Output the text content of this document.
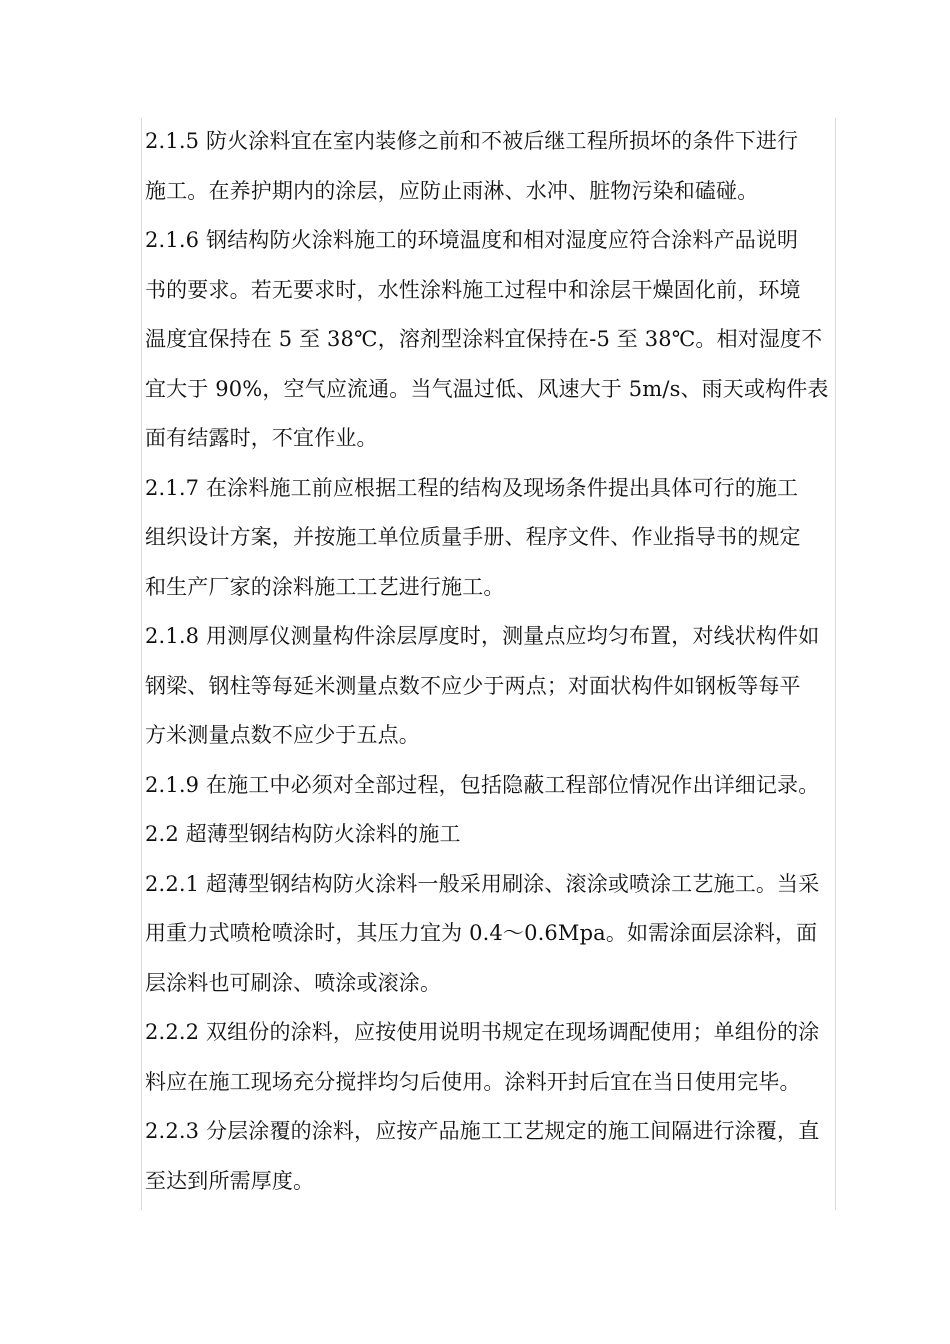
2.1.5 防火涂料宜在室内装修之前和不被后继工程所损坏的条件下进行
施工。在养护期内的涂层，应防止雨淋、水冲、脏物污染和磕碰。
2.1.6 钢结构防火涂料施工的环境温度和相对湿度应符合涂料产品说明
书的要求。若无要求时，水性涂料施工过程中和涂层干燥固化前，环境
温度宜保持在 5 至 38℃，溶剂型涂料宜保持在-5 至 38℃。相对湿度不
宜大于 90%，空气应流通。当气温过低、风速大于 5m/s、雨天或构件表
面有结露时，不宜作业。
2.1.7 在涂料施工前应根据工程的结构及现场条件提出具体可行的施工
组织设计方案，并按施工单位质量手册、程序文件、作业指导书的规定
和生产厂家的涂料施工工艺进行施工。
2.1.8 用测厚仪测量构件涂层厚度时，测量点应均匀布置，对线状构件如
钢梁、钢柱等每延米测量点数不应少于两点；对面状构件如钢板等每平
方米测量点数不应少于五点。
2.1.9 在施工中必须对全部过程，包括隐蔽工程部位情况作出详细记录。
2.2 超薄型钢结构防火涂料的施工
2.2.1 超薄型钢结构防火涂料一般采用刷涂、滚涂或喷涂工艺施工。当采
用重力式喷枪喷涂时，其压力宜为 0.4～0.6Mpa。如需涂面层涂料，面
层涂料也可刷涂、喷涂或滚涂。
2.2.2 双组份的涂料，应按使用说明书规定在现场调配使用；单组份的涂
料应在施工现场充分搅拌均匀后使用。涂料开封后宜在当日使用完毕。
2.2.3 分层涂覆的涂料，应按产品施工工艺规定的施工间隔进行涂覆，直
至达到所需厚度。
